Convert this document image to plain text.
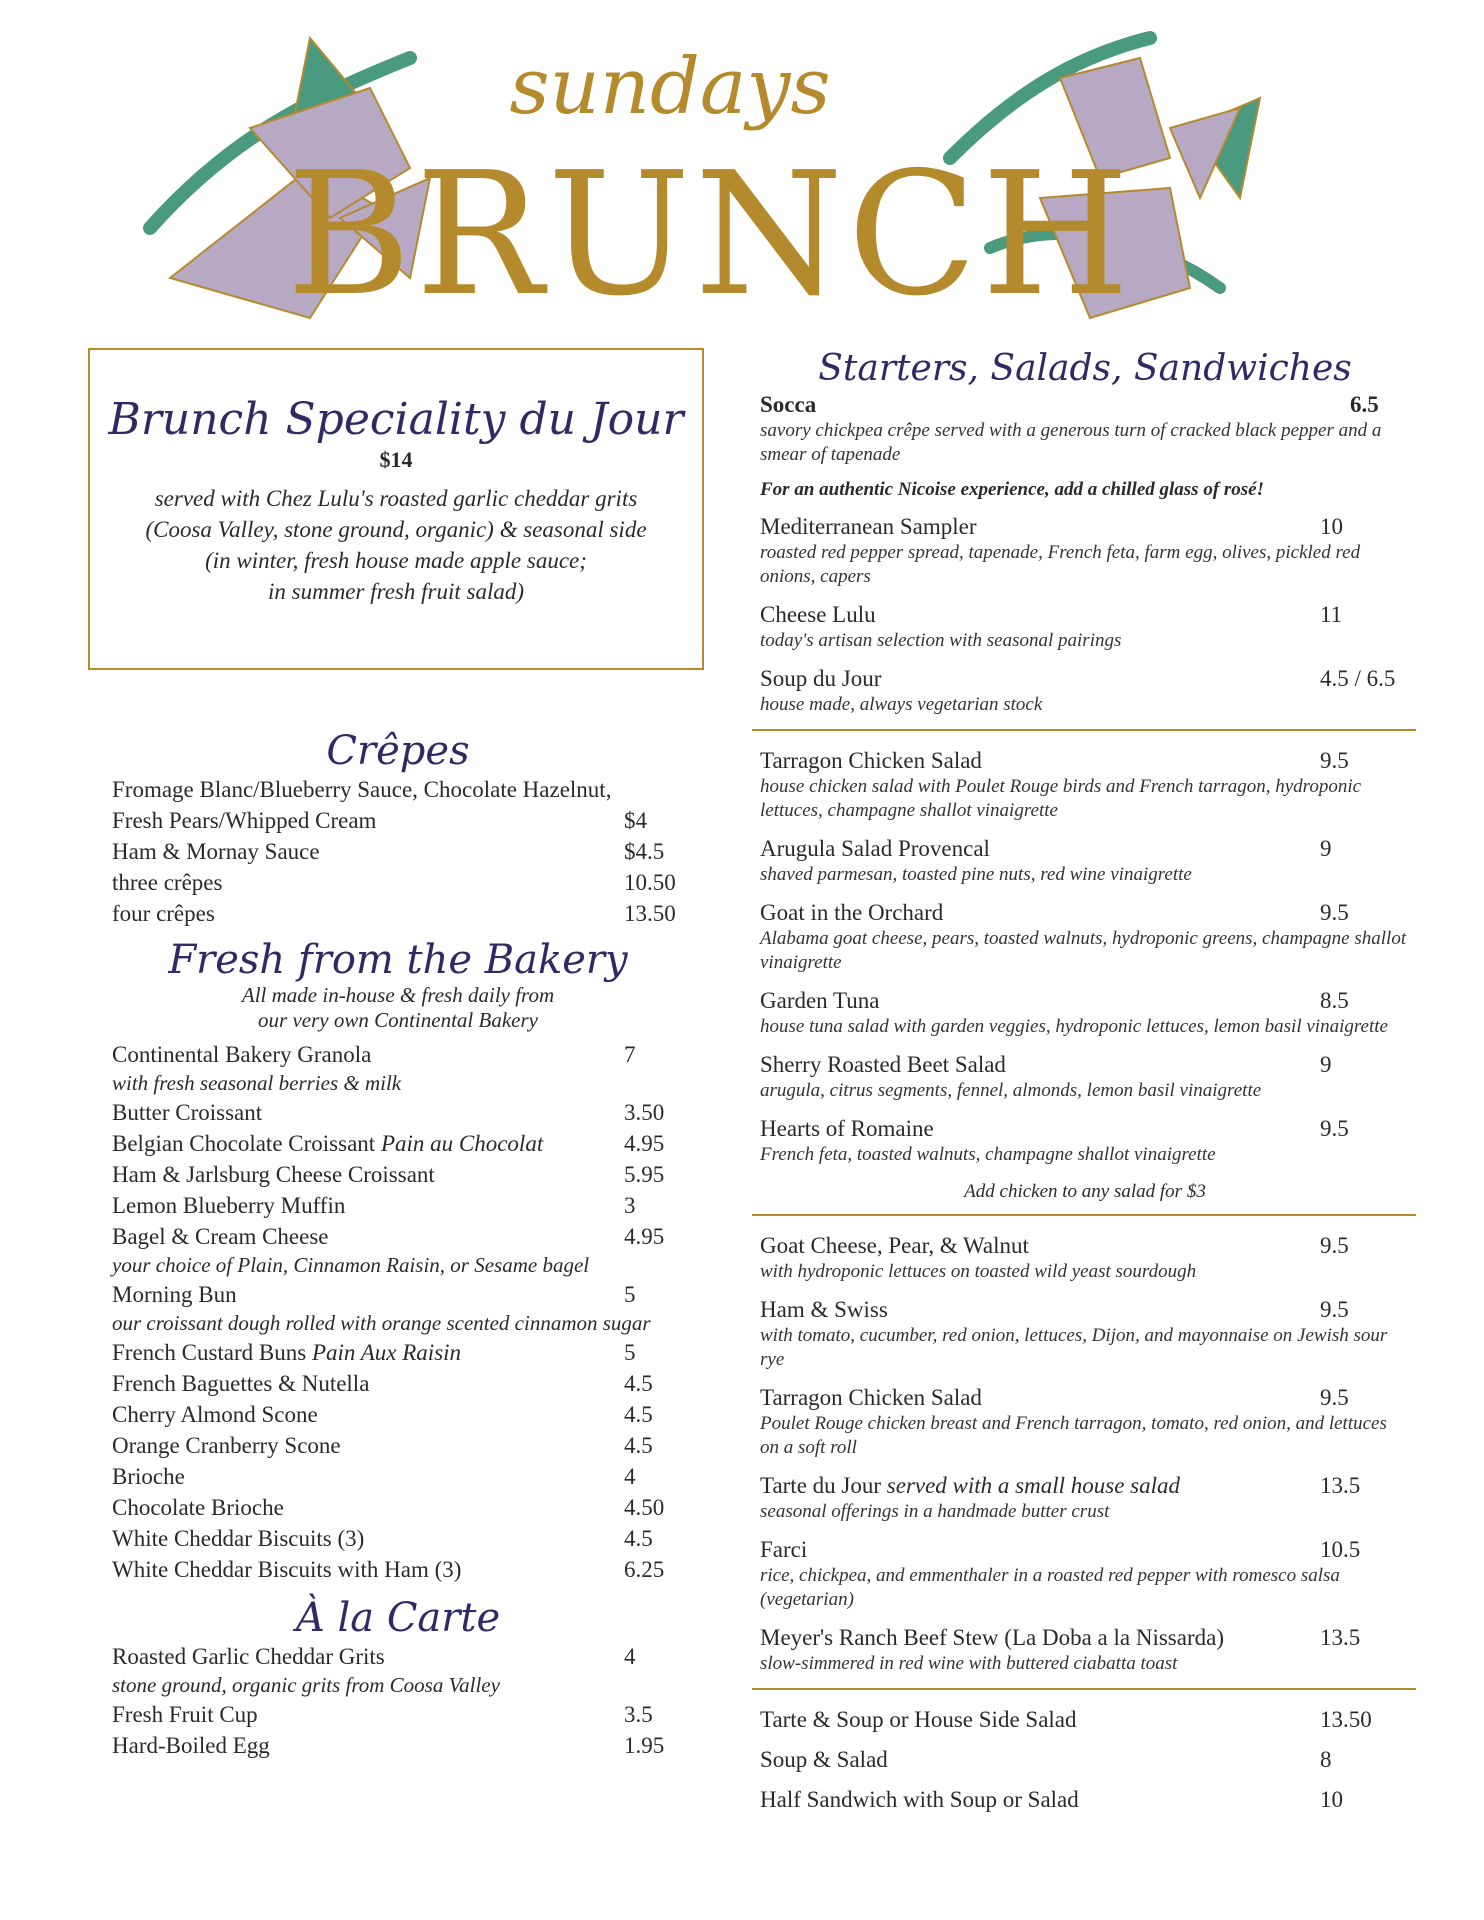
sundays
BRUNCH
Brunch Speciality du Jour
$14
served with Chez Lulu's roasted garlic cheddar grits
(Coosa Valley, stone ground, organic) & seasonal side
(in winter, fresh house made apple sauce;
in summer fresh fruit salad)
Crêpes
Fromage Blanc/Blueberry Sauce, Chocolate Hazelnut,
Fresh Pears/Whipped Cream	$4
Ham & Mornay Sauce	$4.5
three crêpes	10.50
four crêpes	13.50
Fresh from the Bakery
All made in-house & fresh daily from
our very own Continental Bakery
Continental Bakery Granola	7
with fresh seasonal berries & milk
Butter Croissant	3.50
Belgian Chocolate Croissant Pain au Chocolat	4.95
Ham & Jarlsburg Cheese Croissant	5.95
Lemon Blueberry Muffin	3
Bagel & Cream Cheese	4.95
your choice of Plain, Cinnamon Raisin, or Sesame bagel
Morning Bun	5
our croissant dough rolled with orange scented cinnamon sugar
French Custard Buns Pain Aux Raisin	5
French Baguettes & Nutella	4.5
Cherry Almond Scone	4.5
Orange Cranberry Scone	4.5
Brioche	4
Chocolate Brioche	4.50
White Cheddar Biscuits (3)	4.5
White Cheddar Biscuits with Ham (3)	6.25
À la Carte
Roasted Garlic Cheddar Grits	4
stone ground, organic grits from Coosa Valley
Fresh Fruit Cup	3.5
Hard-Boiled Egg	1.95
Starters, Salads, Sandwiches
Socca	6.5
savory chickpea crêpe served with a generous turn of cracked black pepper and a smear of tapenade
For an authentic Nicoise experience, add a chilled glass of rosé!
Mediterranean Sampler	10
roasted red pepper spread, tapenade, French feta, farm egg, olives, pickled red onions, capers
Cheese Lulu	11
today's artisan selection with seasonal pairings
Soup du Jour	4.5 / 6.5
house made, always vegetarian stock
Tarragon Chicken Salad	9.5
house chicken salad with Poulet Rouge birds and French tarragon, hydroponic lettuces, champagne shallot vinaigrette
Arugula Salad Provencal	9
shaved parmesan, toasted pine nuts, red wine vinaigrette
Goat in the Orchard	9.5
Alabama goat cheese, pears, toasted walnuts, hydroponic greens, champagne shallot vinaigrette
Garden Tuna	8.5
house tuna salad with garden veggies, hydroponic lettuces, lemon basil vinaigrette
Sherry Roasted Beet Salad	9
arugula, citrus segments, fennel, almonds, lemon basil vinaigrette
Hearts of Romaine	9.5
French feta, toasted walnuts, champagne shallot vinaigrette
Add chicken to any salad for $3
Goat Cheese, Pear, & Walnut	9.5
with hydroponic lettuces on toasted wild yeast sourdough
Ham & Swiss	9.5
with tomato, cucumber, red onion, lettuces, Dijon, and mayonnaise on Jewish sour rye
Tarragon Chicken Salad	9.5
Poulet Rouge chicken breast and French tarragon, tomato, red onion, and lettuces on a soft roll
Tarte du Jour served with a small house salad	13.5
seasonal offerings in a handmade butter crust
Farci	10.5
rice, chickpea, and emmenthaler in a roasted red pepper with romesco salsa (vegetarian)
Meyer's Ranch Beef Stew (La Doba a la Nissarda)	13.5
slow-simmered in red wine with buttered ciabatta toast
Tarte & Soup or House Side Salad	13.50
Soup & Salad	8
Half Sandwich with Soup or Salad	10
